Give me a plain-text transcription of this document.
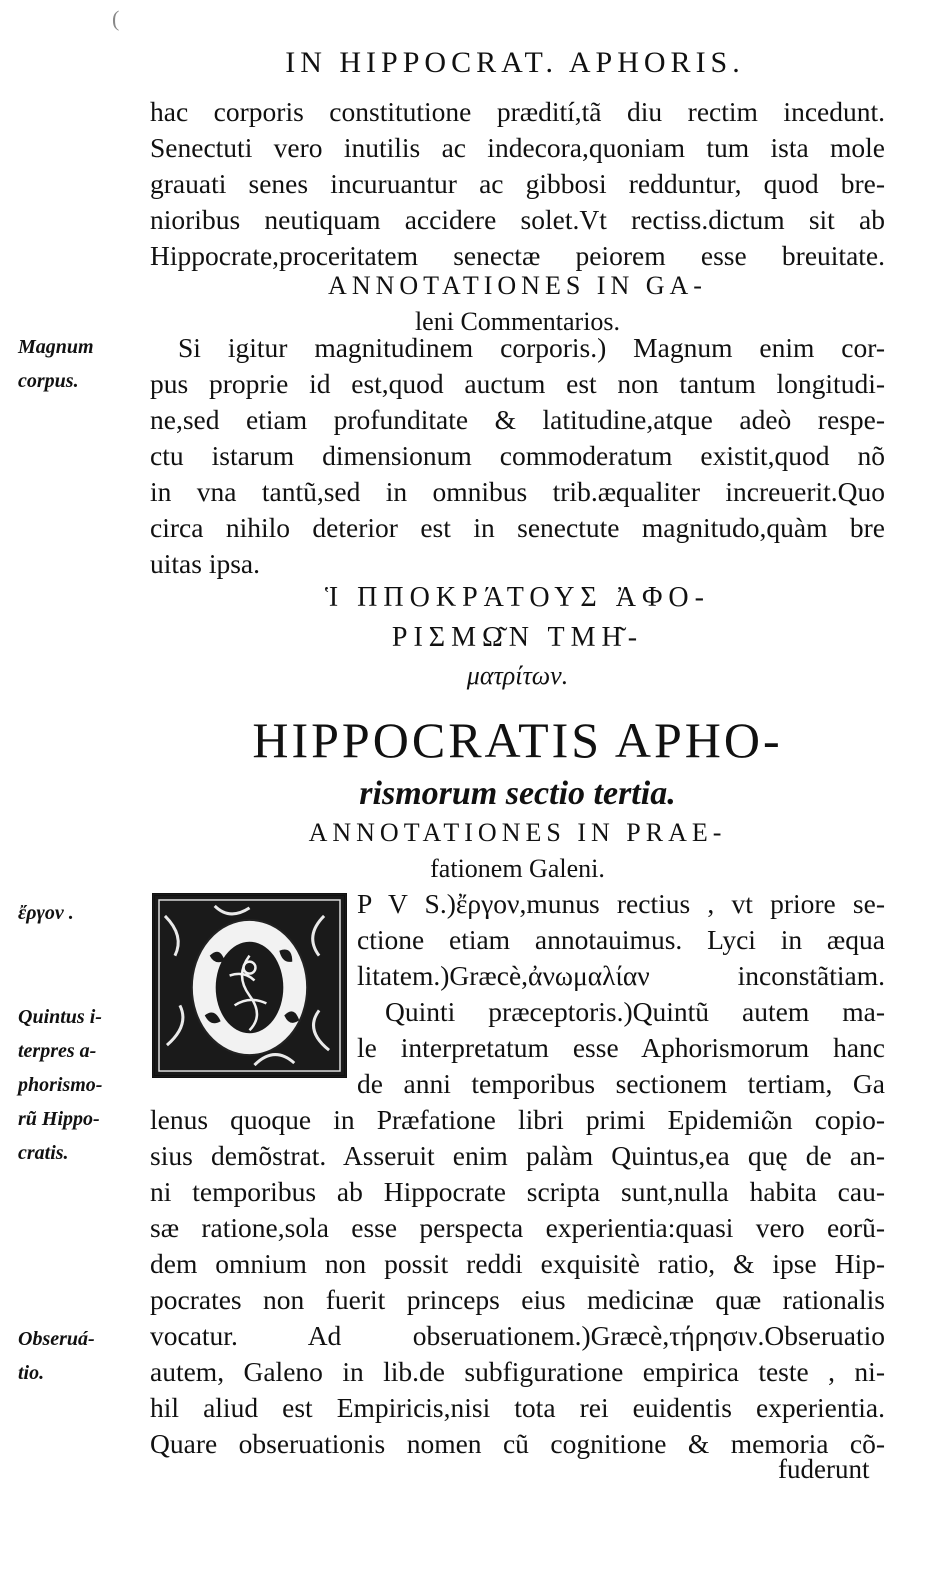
(
IN HIPPOCRAT. APHORIS.
hac corporis constitutione prædití,tã diu rectim incedunt.
Senectuti vero inutilis ac indecora,quoniam tum ista mole
grauati senes incuruantur ac gibbosi redduntur, quod bre-
nioribus neutiquam accidere solet.Vt rectiss.dictum sit ab
Hippocrate,proceritatem senectæ peiorem esse breuitate.
ANNOTATIONES IN GA-
leni Commentarios.
Magnum
corpus.
Si igitur magnitudinem corporis.) Magnum enim cor-
pus proprie id est,quod auctum est non tantum longitudi-
ne,sed etiam profunditate & latitudine,atque adeò respe-
ctu istarum dimensionum commoderatum existit,quod nõ
in vna tantũ,sed in omnibus trib.æqualiter increuerit.Quo
circa nihilo deterior est in senectute magnitudo,quàm bre
uitas ipsa.
Ἱ ΠΠΟΚΡΆΤΟΥΣ ἈΦΟ-
ΡΙΣΜΩ͂Ν ΤΜΗ͂-
ματρίτων.
HIPPOCRATIS APHO-
rismorum sectio tertia.
ANNOTATIONES IN PRAE-
fationem Galeni.
ἔργον .
Quintus i-
terpres a-
phorismo-
rũ Hippo-
cratis.
Obseruá-
tio.
P V S.)ἔργον,munus rectius , vt priore se-
ctione etiam annotauimus. Lyci in æqua
litatem.)Græcè,ἀνωμαλίαν inconstãtiam.
Quinti præceptoris.)Quintũ autem ma-
le interpretatum esse Aphorismorum hanc
de anni temporibus sectionem tertiam, Ga
lenus quoque in Præfatione libri primi Epidemiῶn copio-
sius demõstrat. Asseruit enim palàm Quintus,ea quę de an-
ni temporibus ab Hippocrate scripta sunt,nulla habita cau-
sæ ratione,sola esse perspecta experientia:quasi vero eorũ-
dem omnium non possit reddi exquisitè ratio, & ipse Hip-
pocrates non fuerit princeps eius medicinæ quæ rationalis
vocatur. Ad obseruationem.)Græcè,τήρησιν.Obseruatio
autem, Galeno in lib.de subfiguratione empirica teste , ni-
hil aliud est Empiricis,nisi tota rei euidentis experientia.
Quare obseruationis nomen cũ cognitione & memoria cõ-
fuderunt
